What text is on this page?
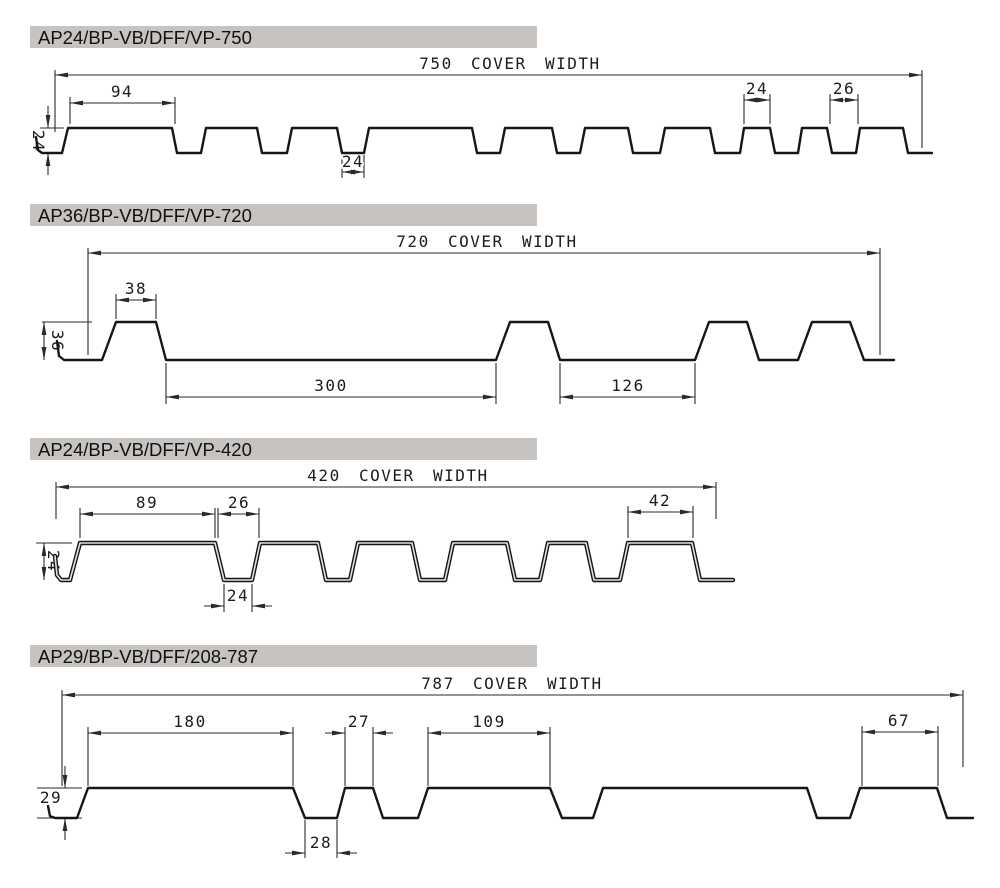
750 COVER WIDTH
94	24	26
24
24
720 COVER WIDTH
38
300	126
36
420 COVER WIDTH
89	26	42
24
24
787 COVER WIDTH
180	27	109	67
28
29
AP24/BP-VB/DFF/VP-750
AP36/BP-VB/DFF/VP-720
AP24/BP-VB/DFF/VP-420
AP29/BP-VB/DFF/208-787
